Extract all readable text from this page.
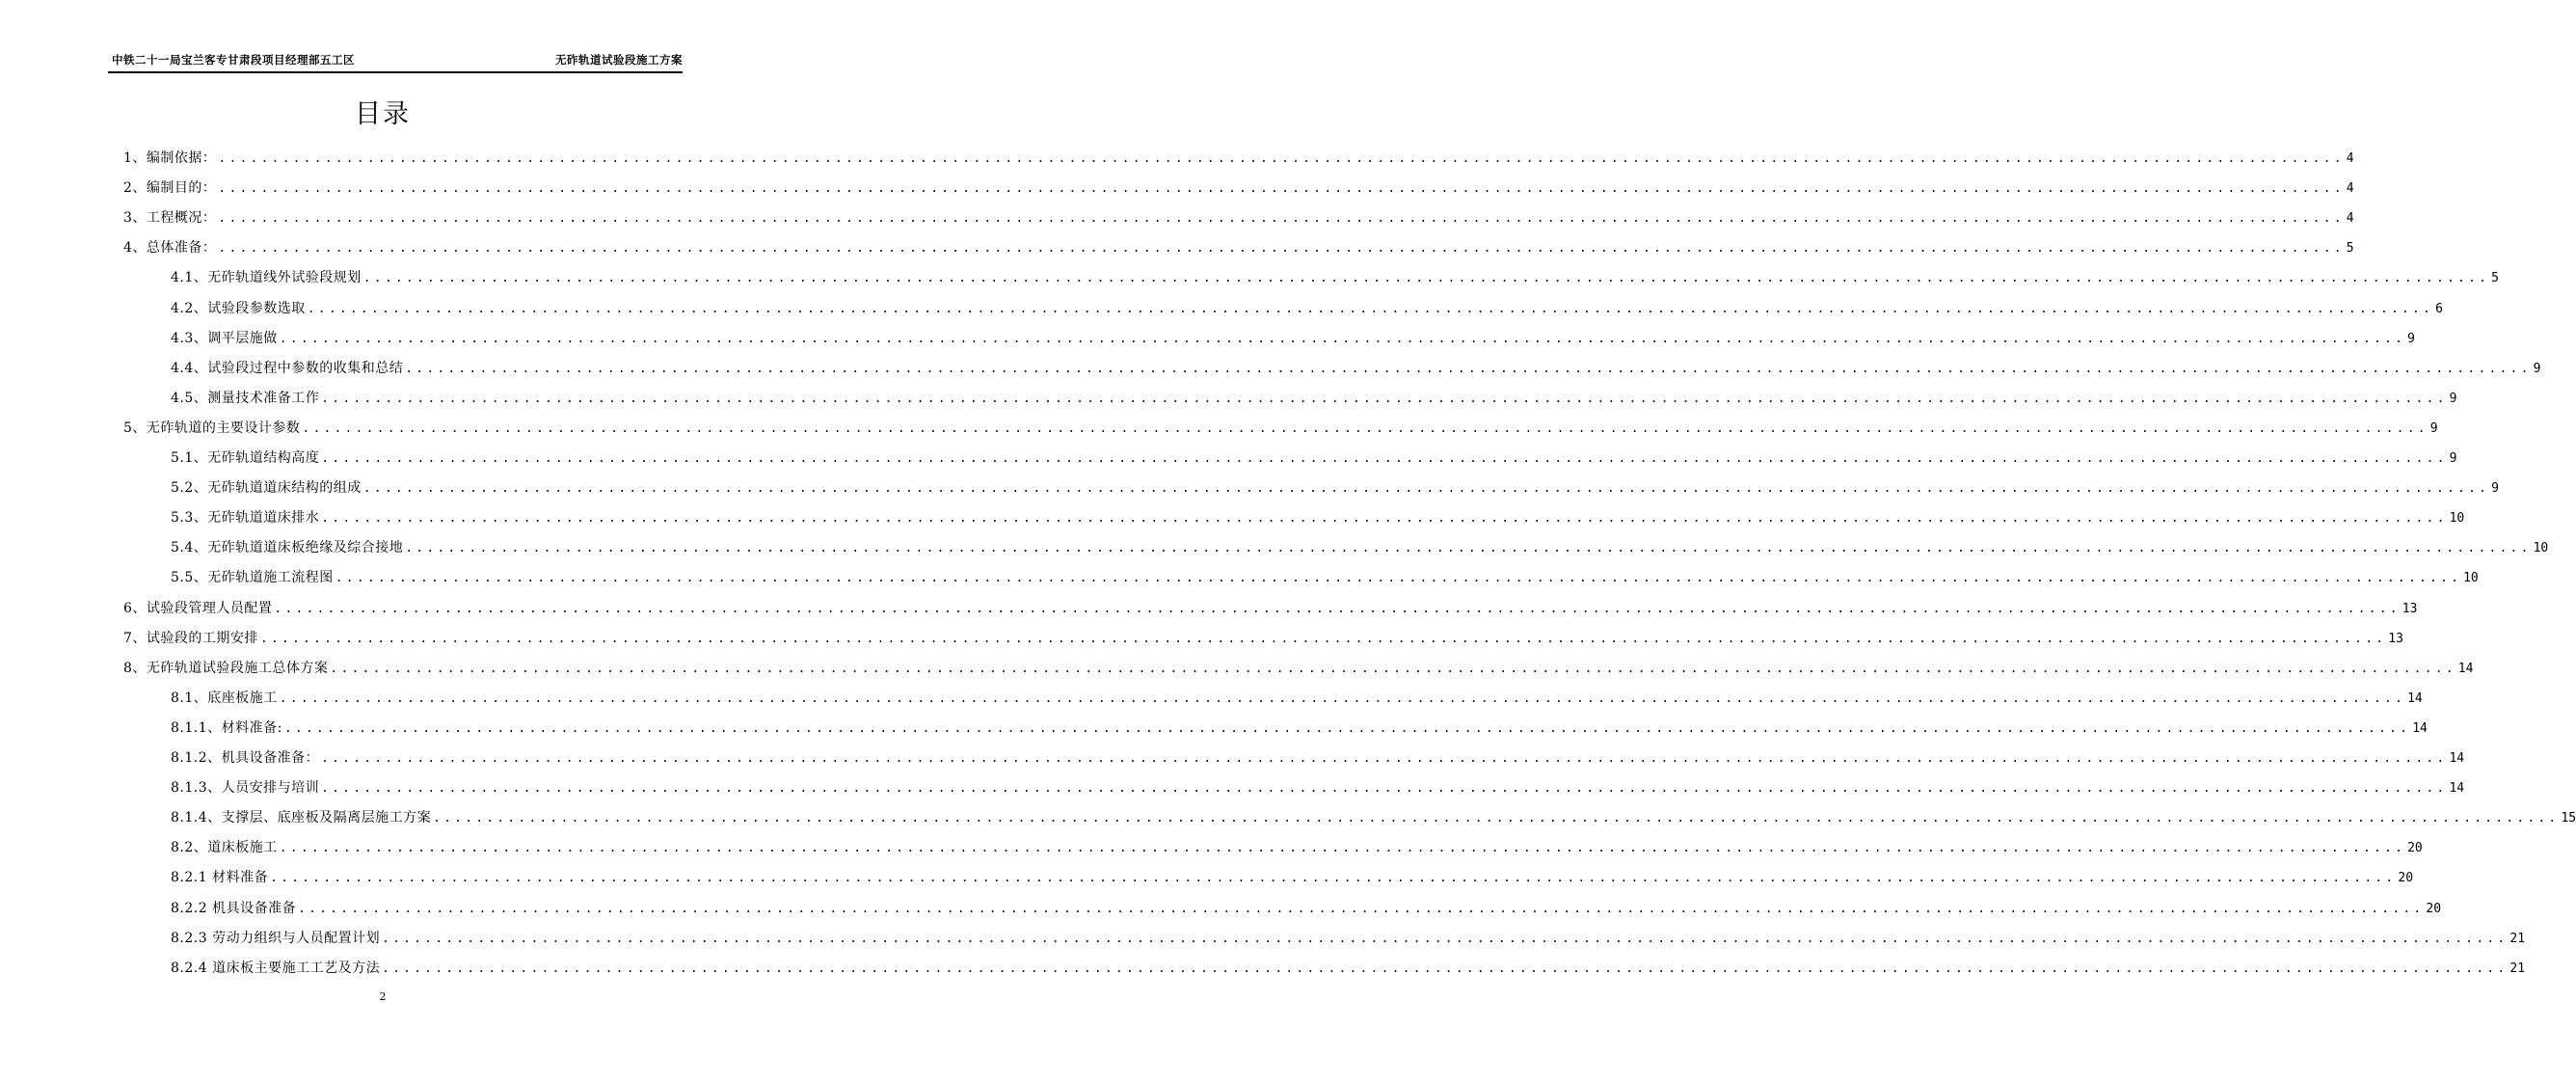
中铁二十一局宝兰客专甘肃段项目经理部五工区	无砟轨道试验段施工方案
目录
1、编制依据： ........................................................................................................................................................................................................ 4
2、编制目的： ........................................................................................................................................................................................................ 4
3、工程概况： ........................................................................................................................................................................................................ 4
4、总体准备： ........................................................................................................................................................................................................ 5
4.1、无砟轨道线外试验段规划 ........................................................................................................................................................................................................ 5
4.2、试验段参数选取 ........................................................................................................................................................................................................ 6
4.3、调平层施做 ........................................................................................................................................................................................................ 9
4.4、试验段过程中参数的收集和总结 ........................................................................................................................................................................................................ 9
4.5、测量技术准备工作 ........................................................................................................................................................................................................ 9
5、无砟轨道的主要设计参数 ........................................................................................................................................................................................................ 9
5.1、无砟轨道结构高度 ........................................................................................................................................................................................................ 9
5.2、无砟轨道道床结构的组成 ........................................................................................................................................................................................................ 9
5.3、无砟轨道道床排水 ........................................................................................................................................................................................................ 10
5.4、无砟轨道道床板绝缘及综合接地 ........................................................................................................................................................................................................ 10
5.5、无砟轨道施工流程图 ........................................................................................................................................................................................................ 10
6、试验段管理人员配置 ........................................................................................................................................................................................................ 13
7、试验段的工期安排 ........................................................................................................................................................................................................ 13
8、无砟轨道试验段施工总体方案 ........................................................................................................................................................................................................ 14
8.1、底座板施工 ........................................................................................................................................................................................................ 14
8.1.1、材料准备: ........................................................................................................................................................................................................ 14
8.1.2、机具设备准备： ........................................................................................................................................................................................................ 14
8.1.3、人员安排与培训 ........................................................................................................................................................................................................ 14
8.1.4、支撑层、底座板及隔离层施工方案 ........................................................................................................................................................................................................ 15
8.2、道床板施工 ........................................................................................................................................................................................................ 20
8.2.1 材料准备 ........................................................................................................................................................................................................ 20
8.2.2 机具设备准备 ........................................................................................................................................................................................................ 20
8.2.3 劳动力组织与人员配置计划 ........................................................................................................................................................................................................ 21
8.2.4 道床板主要施工工艺及方法 ........................................................................................................................................................................................................ 21
2
